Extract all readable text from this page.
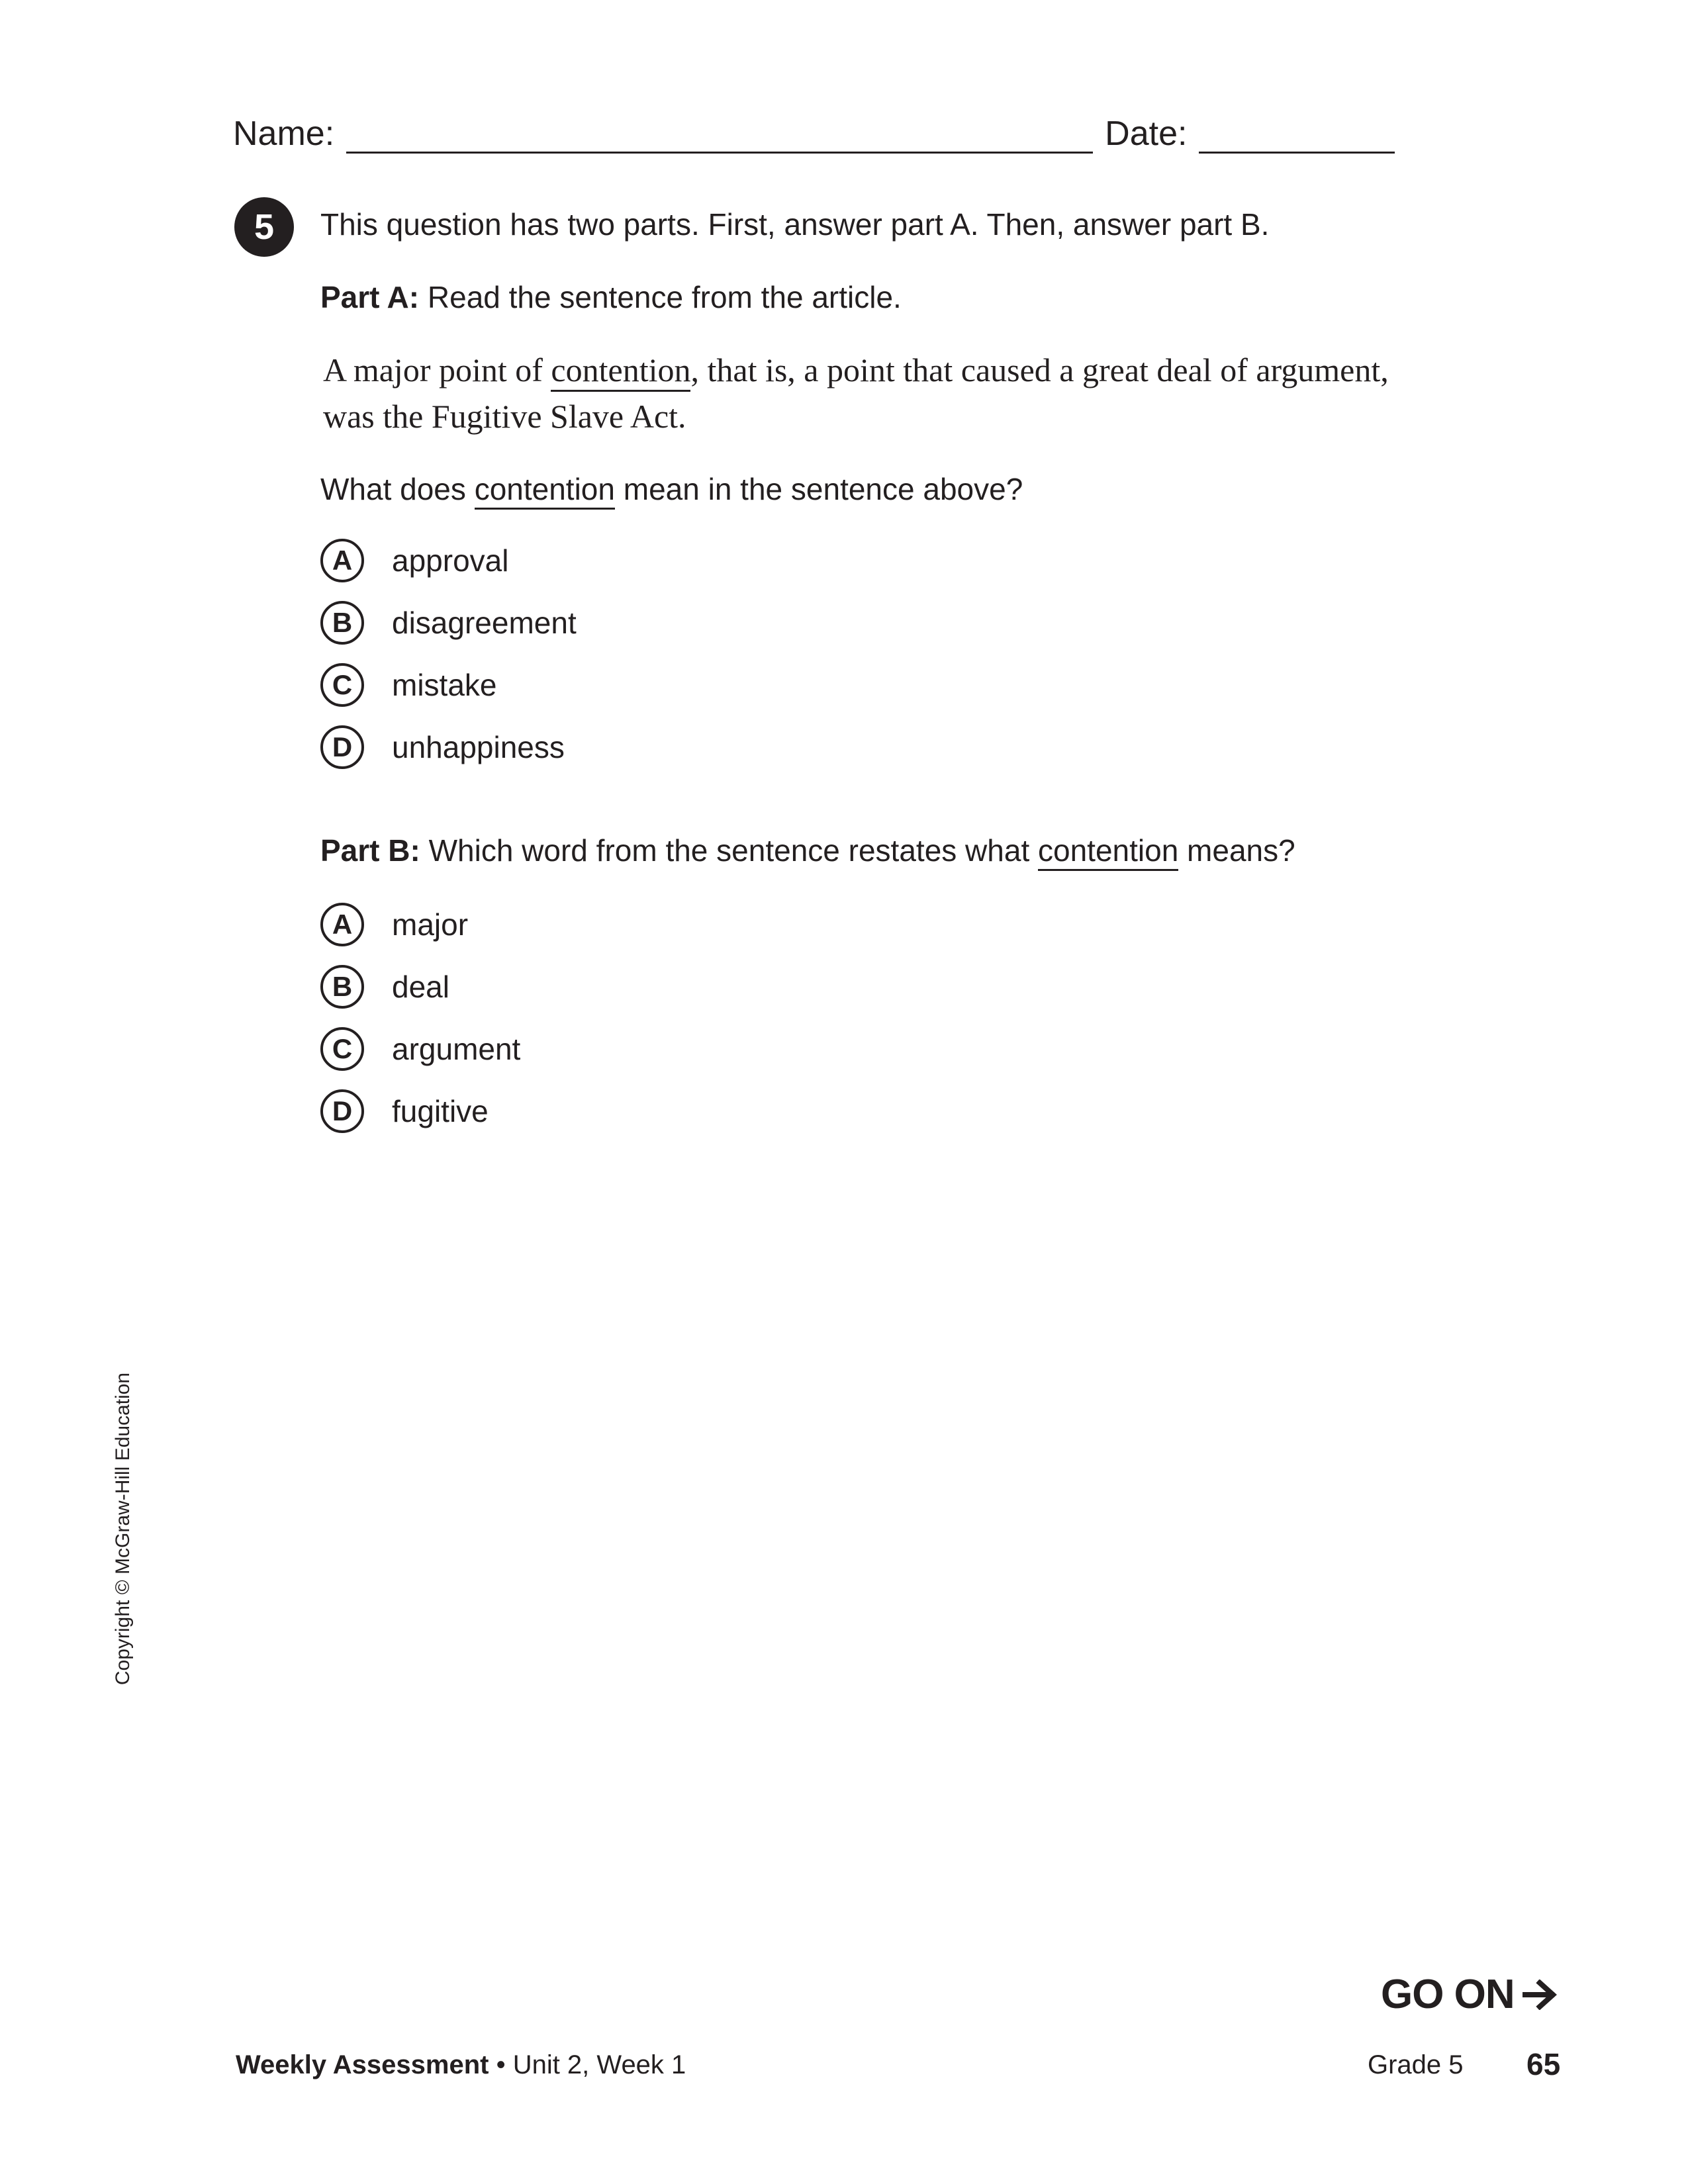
Name:	Date:
5	This question has two parts. First, answer part A. Then, answer part B.
Part A: Read the sentence from the article.
A major point of contention, that is, a point that caused a great deal of argument, was the Fugitive Slave Act.
What does contention mean in the sentence above?
A	approval
B	disagreement
C	mistake
D	unhappiness
Part B: Which word from the sentence restates what contention means?
A	major
B	deal
C	argument
D	fugitive
Copyright © McGraw-Hill Education
GO ON
Weekly Assessment • Unit 2, Week 1	Grade 5 65
